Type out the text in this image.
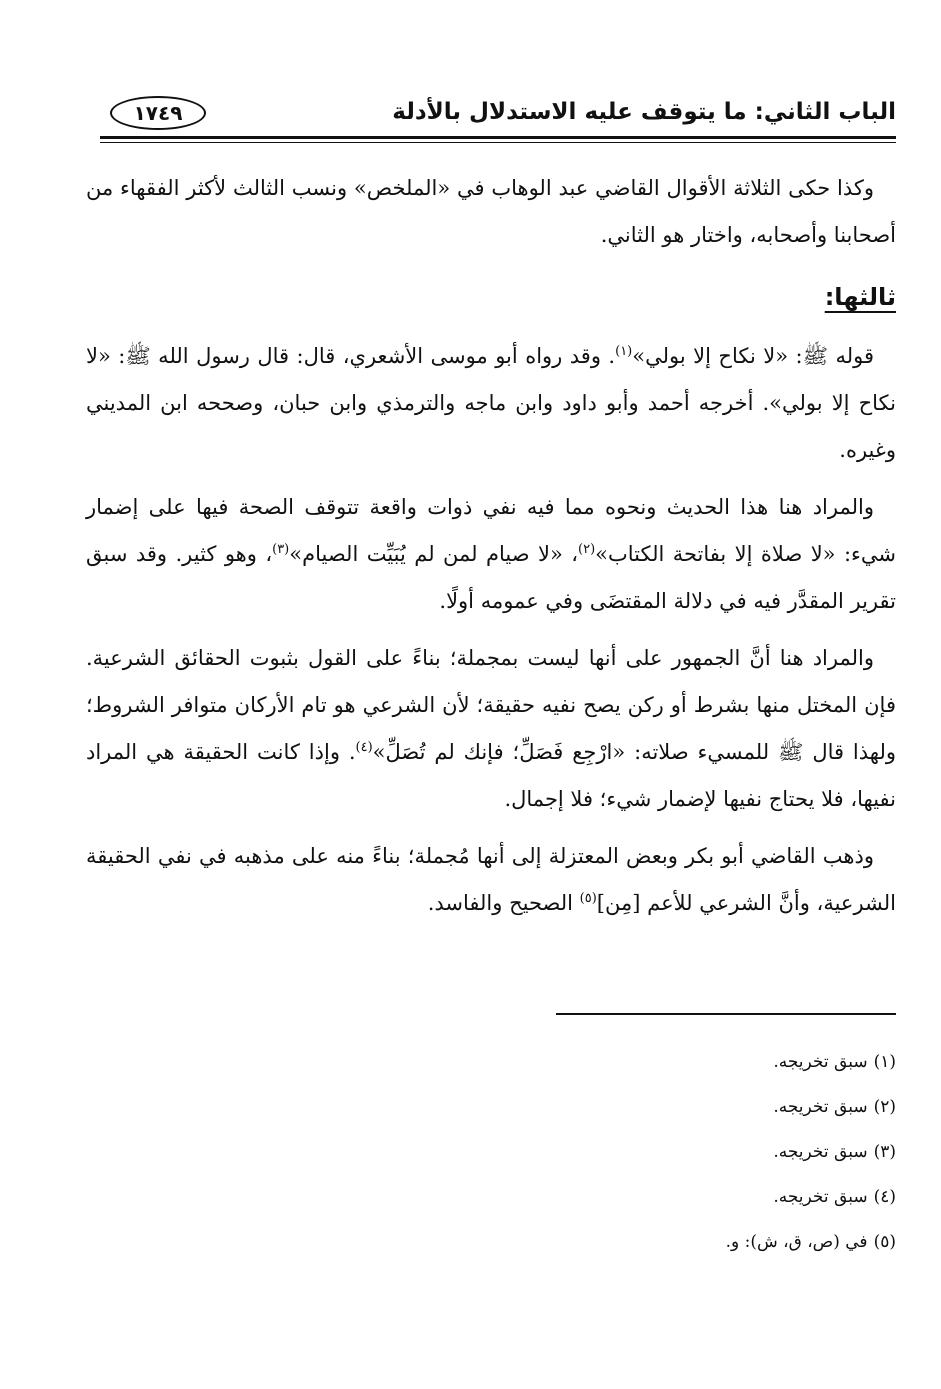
الباب الثاني: ما يتوقف عليه الاستدلال بالأدلة
١٧٤٩

وكذا حكى الثلاثة الأقوال القاضي عبد الوهاب في «الملخص» ونسب الثالث لأكثر الفقهاء من أصحابنا وأصحابه، واختار هو الثاني.

ثالثها:

قوله ﷺ: «لا نكاح إلا بولي»$^{(١)}$. وقد رواه أبو موسى الأشعري، قال: قال رسول الله ﷺ: «لا نكاح إلا بولي». أخرجه أحمد وأبو داود وابن ماجه والترمذي وابن حبان، وصححه ابن المديني وغيره.

والمراد هنا هذا الحديث ونحوه مما فيه نفي ذوات واقعة تتوقف الصحة فيها على إضمار شيء: «لا صلاة إلا بفاتحة الكتاب»$^{(٢)}$، «لا صيام لمن لم يُبَيِّت الصيام»$^{(٣)}$، وهو كثير. وقد سبق تقرير المقدَّر فيه في دلالة المقتضَى وفي عمومه أولًا.

والمراد هنا أنَّ الجمهور على أنها ليست بمجملة؛ بناءً على القول بثبوت الحقائق الشرعية. فإن المختل منها بشرط أو ركن يصح نفيه حقيقة؛ لأن الشرعي هو تام الأركان متوافر الشروط؛ ولهذا قال ﷺ للمسيء صلاته: «ارْجِع فَصَلِّ؛ فإنك لم تُصَلِّ»$^{(٤)}$. وإذا كانت الحقيقة هي المراد نفيها، فلا يحتاج نفيها لإضمار شيء؛ فلا إجمال.

وذهب القاضي أبو بكر وبعض المعتزلة إلى أنها مُجملة؛ بناءً منه على مذهبه في نفي الحقيقة الشرعية، وأنَّ الشرعي للأعم [مِن]$^{(٥)}$ الصحيح والفاسد.

(١)سبق تخريجه.
(٢)سبق تخريجه.
(٣)سبق تخريجه.
(٤)سبق تخريجه.
(٥)في (ص، ق، ش): و.
